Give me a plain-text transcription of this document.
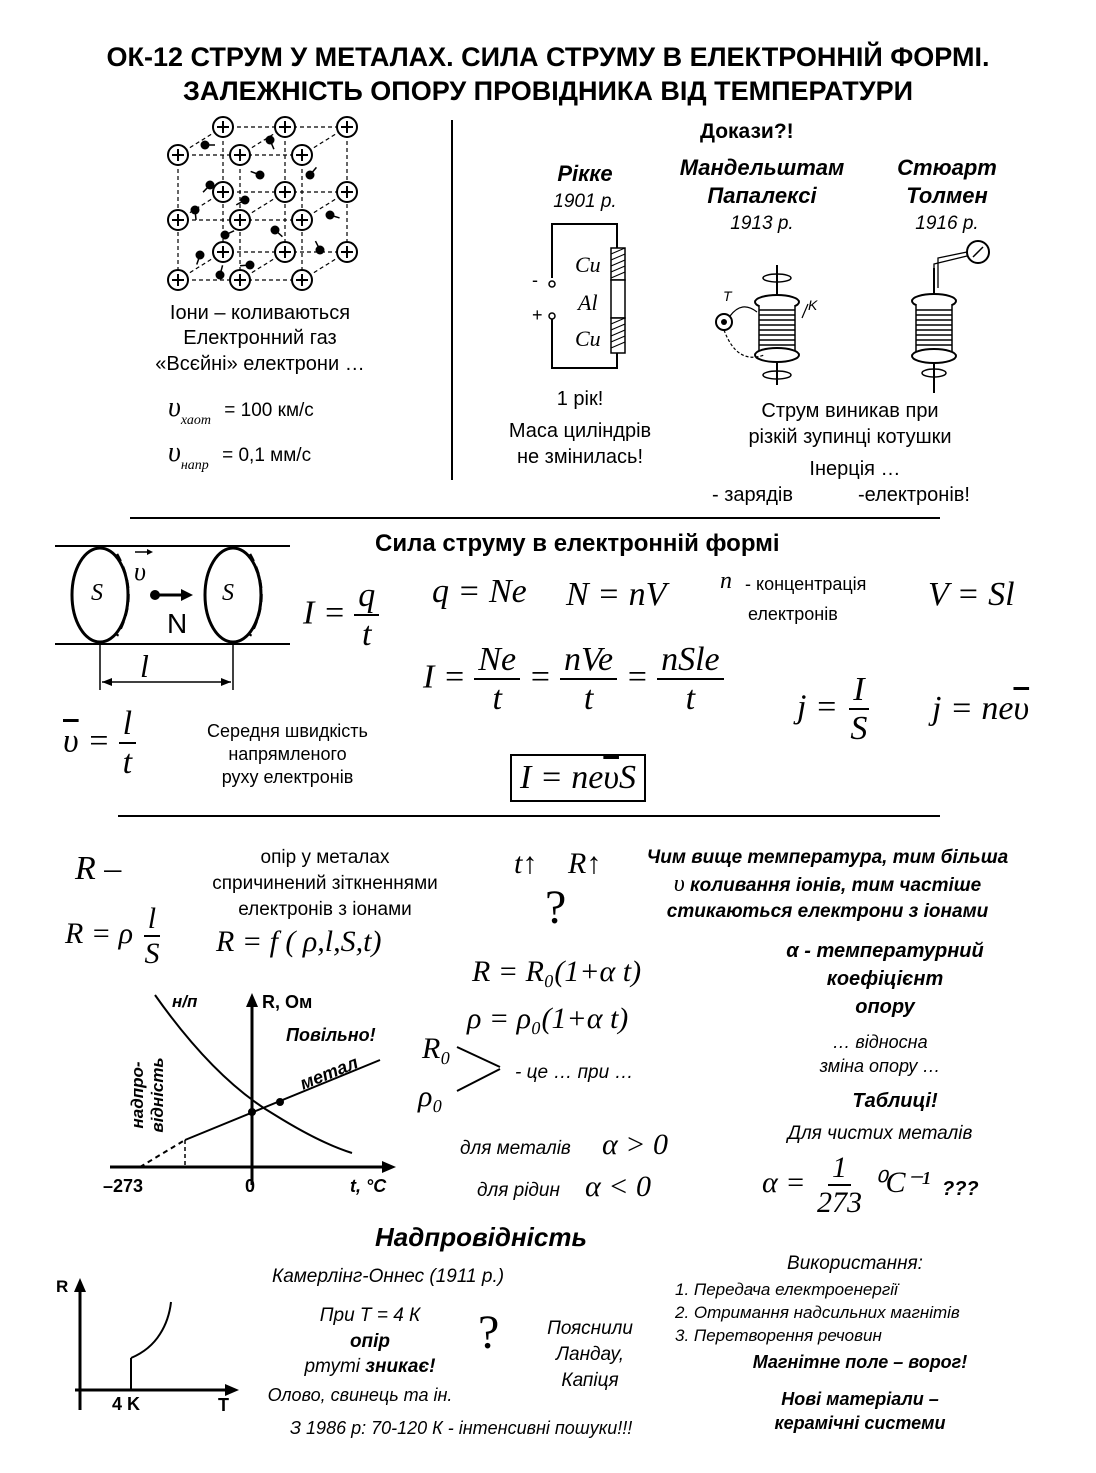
ОК-12 СТРУМ У МЕТАЛАХ. СИЛА СТРУМУ В ЕЛЕКТРОННІЙ ФОРМІ.
ЗАЛЕЖНІСТЬ ОПОРУ ПРОВІДНИКА ВІД ТЕМПЕРАТУРИ
Іони – коливаються
Електронний газ
«Всєйні» електрони …
$\upsilon_{хаот} = 100$ км/с
$\upsilon_{напр} = 0,1$ мм/с
Докази?!
Рікке
1901 р.
Мандельштам
Папалексі
1913 р.
Стюарт
Толмен
1916 р.
-
+
Cu
Al
Cu
1 рік!
Маса циліндрів
не змінилась!
T
K
Струм виникав при
різкій зупинці котушки
Інерція …
- зарядів	-електронів!
Сила струму в електронній формі
S	S
υ
N
l
$I = \frac{q}{t}$ q = Ne N = nV n - концентрація
електронів
V = Sl
$I = \frac{Ne}{t} = \frac{\text{nVe}}{t} = \frac{\text{nSle}}{t}$ $j = \frac{I}{S}$ $j = ne\overline{\upsilon}$
$\overline{\upsilon} = \frac{l}{t}$	Середня швидкість
напрямленого
руху електронів	$I = ne\overline{\upsilon}S$
R –	опір у металах
спричинений зіткненнями
електронів з іонами
R = ρ $\frac{l}{S}$ R = f ( ρ,l,S,t)
t↑ R↑
?
Чим вище температура, тим більша
υ коливання іонів, тим частіше
стикаються електрони з іонами
R = R₀(1+α t)
ρ = ρ₀(1+α t)
R₀
ρ₀
- це … при …
для металів α > 0
для рідин α < 0
α - температурний
коефіцієнт
опору
… відносна
зміна опору …
Таблиці!
Для чистих металів
$\alpha = \frac{1}{273} ^0C^{-1}$ ???
н/п	R, Ом
Повільно!
метал
надпро- відність
–273	0	t, °C
Надпровідність
Камерлінг-Оннес (1911 р.)
R
T
4 K
При Т = 4 К
опір
ртуті зникає!
Олово, свинець та ін.
?	Пояснили
Ландау,
Капіця
З 1986 р: 70-120 К - інтенсивні пошуки!!!
Використання:
1. Передача електроенергії
2. Отримання надсильних магнітів
3. Перетворення речовин
Магнітне поле – ворог!
Нові матеріали –
керамічні системи
